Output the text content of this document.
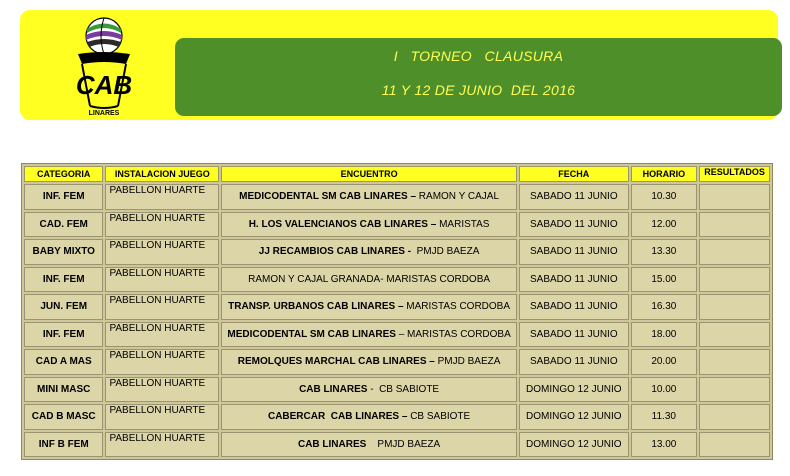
CAB
LINARES
I   TORNEO   CLAUSURA
11 Y 12 DE JUNIO  DEL 2016
CATEGORIA	INSTALACION JUEGO	ENCUENTRO	FECHA	HORARIO	RESULTADOS
INF. FEM	PABELLON HUARTE	MEDICODENTAL SM CAB LINARES – RAMON Y CAJAL	SABADO 11 JUNIO	10.30	
CAD. FEM	PABELLON HUARTE	H. LOS VALENCIANOS CAB LINARES – MARISTAS	SABADO 11 JUNIO	12.00	
BABY MIXTO	PABELLON HUARTE	JJ RECAMBIOS CAB LINARES -  PMJD BAEZA	SABADO 11 JUNIO	13.30	
INF. FEM	PABELLON HUARTE	RAMON Y CAJAL GRANADA- MARISTAS CORDOBA	SABADO 11 JUNIO	15.00	
JUN. FEM	PABELLON HUARTE	TRANSP. URBANOS CAB LINARES – MARISTAS CORDOBA	SABADO 11 JUNIO	16.30	
INF. FEM	PABELLON HUARTE	MEDICODENTAL SM CAB LINARES – MARISTAS CORDOBA	SABADO 11 JUNIO	18.00	
CAD A MAS	PABELLON HUARTE	REMOLQUES MARCHAL CAB LINARES – PMJD BAEZA	SABADO 11 JUNIO	20.00	
MINI MASC	PABELLON HUARTE	CAB LINARES -  CB SABIOTE	DOMINGO 12 JUNIO	10.00	
CAD B MASC	PABELLON HUARTE	CABERCAR  CAB LINARES – CB SABIOTE	DOMINGO 12 JUNIO	11.30	
INF B FEM	PABELLON HUARTE	CAB LINARES    PMJD BAEZA	DOMINGO 12 JUNIO	13.00	
